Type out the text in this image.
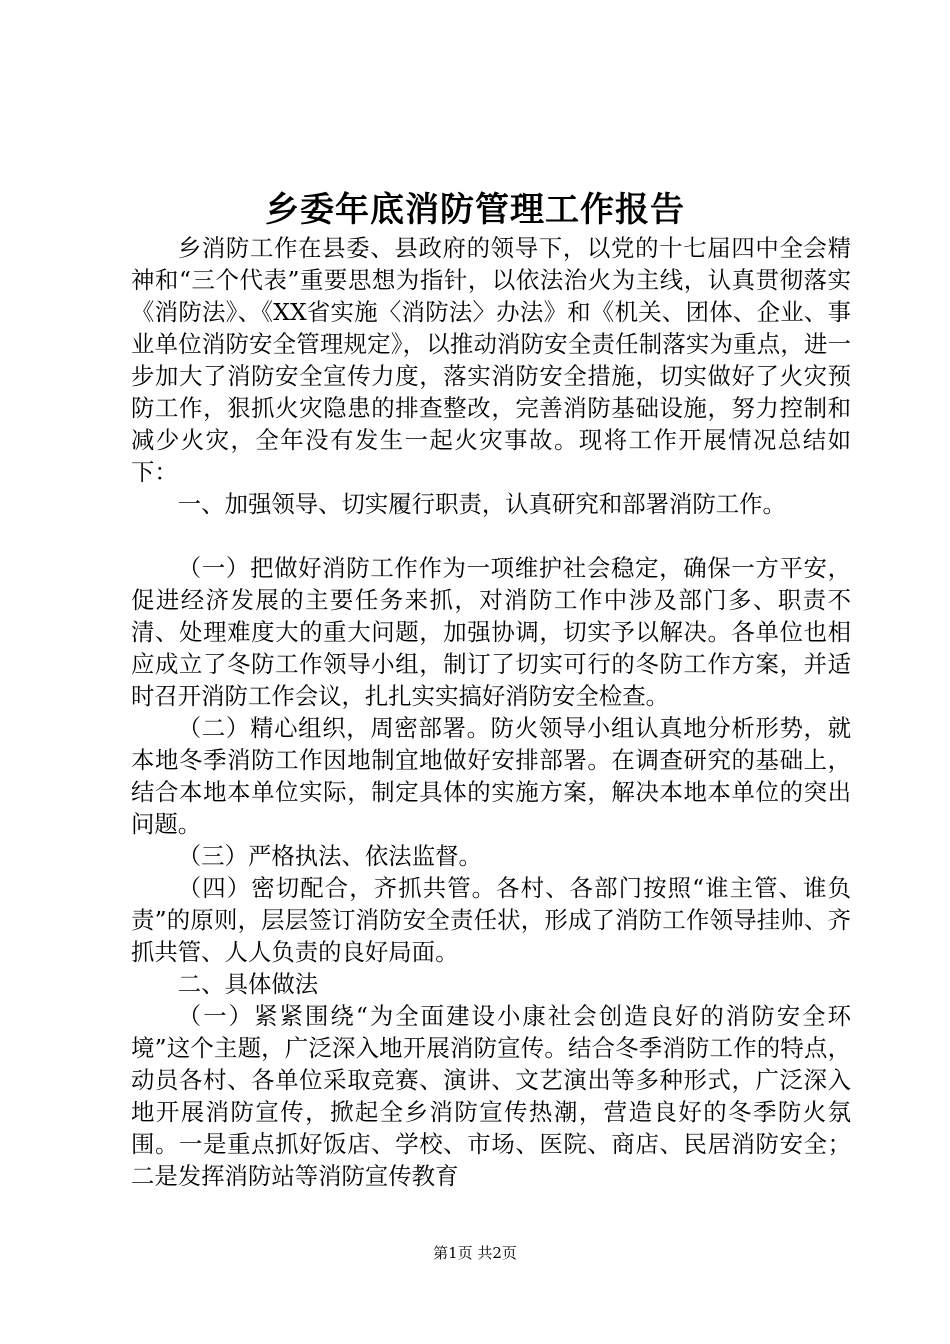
乡委年底消防管理工作报告

乡消防工作在县委、县政府的领导下，以党的十七届四中全会精神和“三个代表”重要思想为指针，以依法治火为主线，认真贯彻落实《消防法》、《XX省实施〈消防法〉办法》和《机关、团体、企业、事业单位消防安全管理规定》，以推动消防安全责任制落实为重点，进一步加大了消防安全宣传力度，落实消防安全措施，切实做好了火灾预防工作，狠抓火灾隐患的排查整改，完善消防基础设施，努力控制和减少火灾，全年没有发生一起火灾事故。现将工作开展情况总结如下：

一、加强领导、切实履行职责，认真研究和部署消防工作。

（一）把做好消防工作作为一项维护社会稳定，确保一方平安，促进经济发展的主要任务来抓，对消防工作中涉及部门多、职责不清、处理难度大的重大问题，加强协调，切实予以解决。各单位也相应成立了冬防工作领导小组，制订了切实可行的冬防工作方案，并适时召开消防工作会议，扎扎实实搞好消防安全检查。

（二）精心组织，周密部署。防火领导小组认真地分析形势，就本地冬季消防工作因地制宜地做好安排部署。在调查研究的基础上，结合本地本单位实际，制定具体的实施方案，解决本地本单位的突出问题。

（三）严格执法、依法监督。

（四）密切配合，齐抓共管。各村、各部门按照“谁主管、谁负责”的原则，层层签订消防安全责任状，形成了消防工作领导挂帅、齐抓共管、人人负责的良好局面。

二、具体做法

（一）紧紧围绕“为全面建设小康社会创造良好的消防安全环境”这个主题，广泛深入地开展消防宣传。结合冬季消防工作的特点，动员各村、各单位采取竞赛、演讲、文艺演出等多种形式，广泛深入地开展消防宣传，掀起全乡消防宣传热潮，营造良好的冬季防火氛围。一是重点抓好饭店、学校、市场、医院、商店、民居消防安全；二是发挥消防站等消防宣传教育

第1页 共2页
